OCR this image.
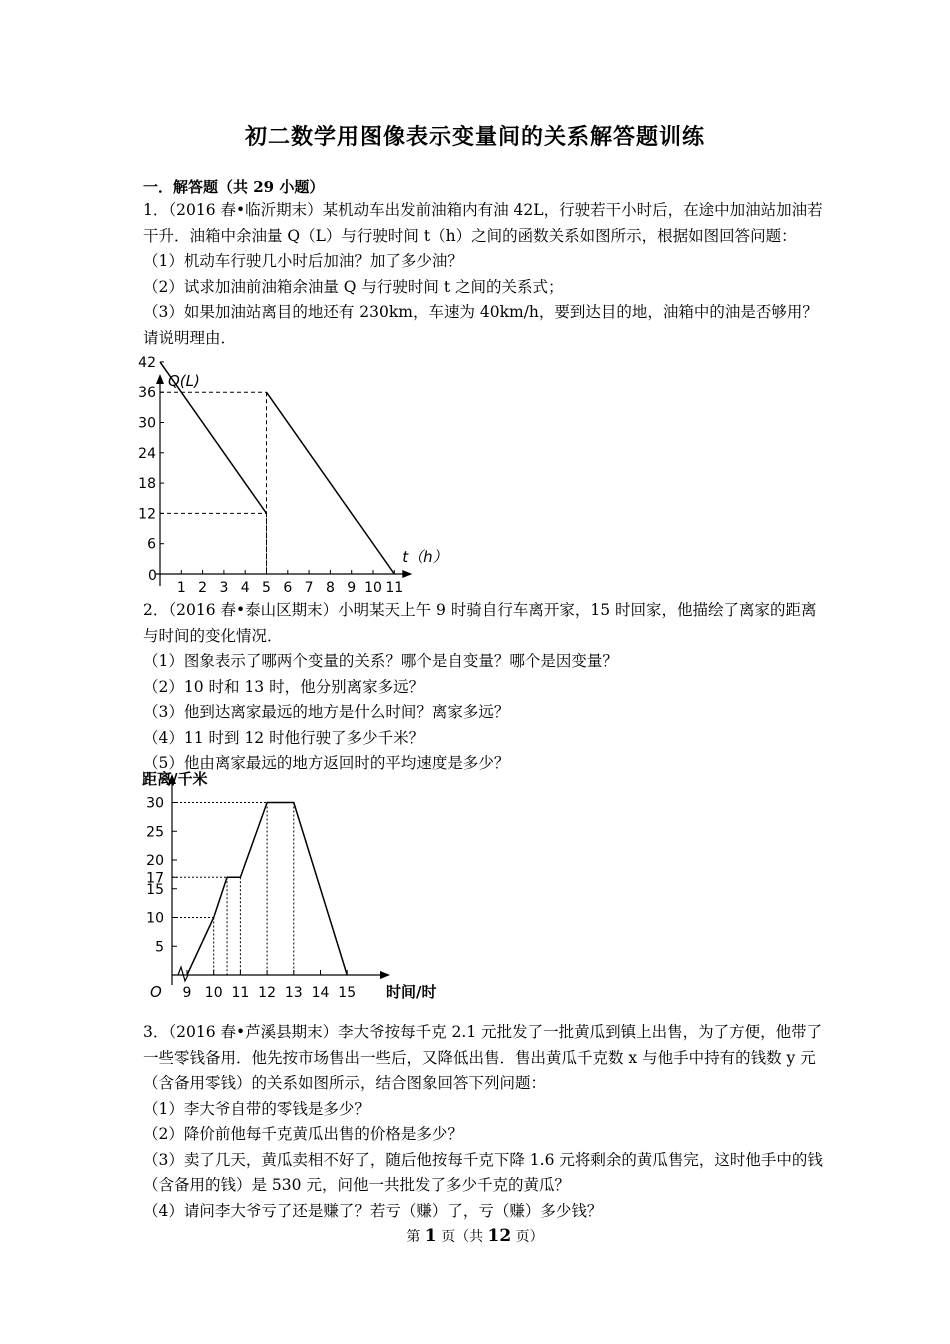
初二数学用图像表示变量间的关系解答题训练
一．解答题（共 29 小题）

1．（2016 春•临沂期末）某机动车出发前油箱内有油 42L，行驶若干小时后，在途中加油站加油若干升．油箱中余油量 Q（L）与行驶时间 t（h）之间的函数关系如图所示，根据如图回答问题：

（1）机动车行驶几小时后加油？加了多少油？

（2）试求加油前油箱余油量 Q 与行驶时间 t 之间的关系式；

（3）如果加油站离目的地还有 230km，车速为 40km/h，要到达目的地，油箱中的油是否够用？请说明理由．

Q(L)
t（h）
0
6
12
18
24
30
36
42
1 2 3 4 5 6 7 8 9 10 11

2．（2016 春•泰山区期末）小明某天上午 9 时骑自行车离开家，15 时回家，他描绘了离家的距离与时间的变化情况．

（1）图象表示了哪两个变量的关系？哪个是自变量？哪个是因变量？

（2）10 时和 13 时，他分别离家多远？

（3）他到达离家最远的地方是什么时间？离家多远？

（4）11 时到 12 时他行驶了多少千米？

（5）他由离家最远的地方返回时的平均速度是多少？

距离/千米
时间/时
O
5
10
15
17
20
25
30
9 10 11 12 13 14 15

3．（2016 春•芦溪县期末）李大爷按每千克 2.1 元批发了一批黄瓜到镇上出售，为了方便，他带了一些零钱备用．他先按市场售出一些后，又降低出售．售出黄瓜千克数 x 与他手中持有的钱数 y 元（含备用零钱）的关系如图所示，结合图象回答下列问题：

（1）李大爷自带的零钱是多少？

（2）降价前他每千克黄瓜出售的价格是多少？

（3）卖了几天，黄瓜卖相不好了，随后他按每千克下降 1.6 元将剩余的黄瓜售完，这时他手中的钱（含备用的钱）是 530 元，问他一共批发了多少千克的黄瓜？

（4）请问李大爷亏了还是赚了？若亏（赚）了，亏（赚）多少钱？

第 1 页（共 12 页）
